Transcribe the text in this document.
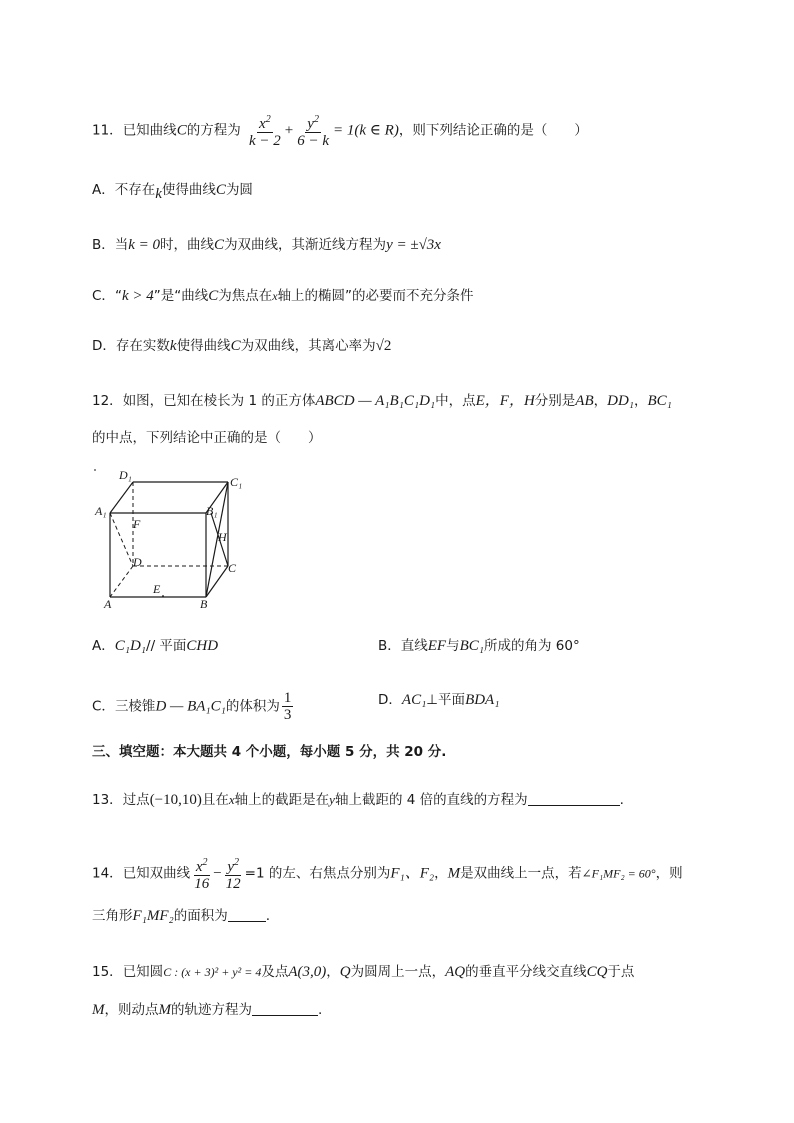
11．已知曲线C的方程为 $\frac{x^2}{k - 2} + \frac{y^2}{6 - k} = 1(k$ ∈ R)，则下列结论正确的是（　　）
A．不存在k使得曲线C为圆
B．当k = 0时，曲线C为双曲线，其渐近线方程为y = ±√3x
C．“k > 4”是“曲线C为焦点在x轴上的椭圆”的必要而不充分条件
D．存在实数k使得曲线C为双曲线，其离心率为√2
12．如图，已知在棱长为 1 的正方体ABCD — A₁B₁C₁D₁中，点E，F，H分别是AB，DD₁，BC₁
的中点，下列结论中正确的是（　　）
D₁	C₁
A₁	B₁
F
H
D	C
A
E
B
A．C₁D₁// 平面CHD	B．直线EF与BC₁所成的角为 60°
C．三棱锥D — BA₁C₁的体积为 $\frac{1}{3}$	D．AC₁⊥平面BDA₁
三、填空题：本大题共 4 个小题，每小题 5 分，共 20 分.
13．过点(−10,10)且在x轴上的截距是在y轴上截距的 4 倍的直线的方程为	.
14．已知双曲线 $\frac{x^2}{16} - \frac{y^2}{12} =1$ 的左、右焦点分别为F₁、F₂，M是双曲线上一点，若∠F₁MF₂ = 60°，则
三角形F₁MF₂的面积为	.
15．已知圆C : (x + 3)² + y² = 4及点A(3,0)，Q为圆周上一点，AQ的垂直平分线交直线CQ于点
M，则动点M的轨迹方程为	.
